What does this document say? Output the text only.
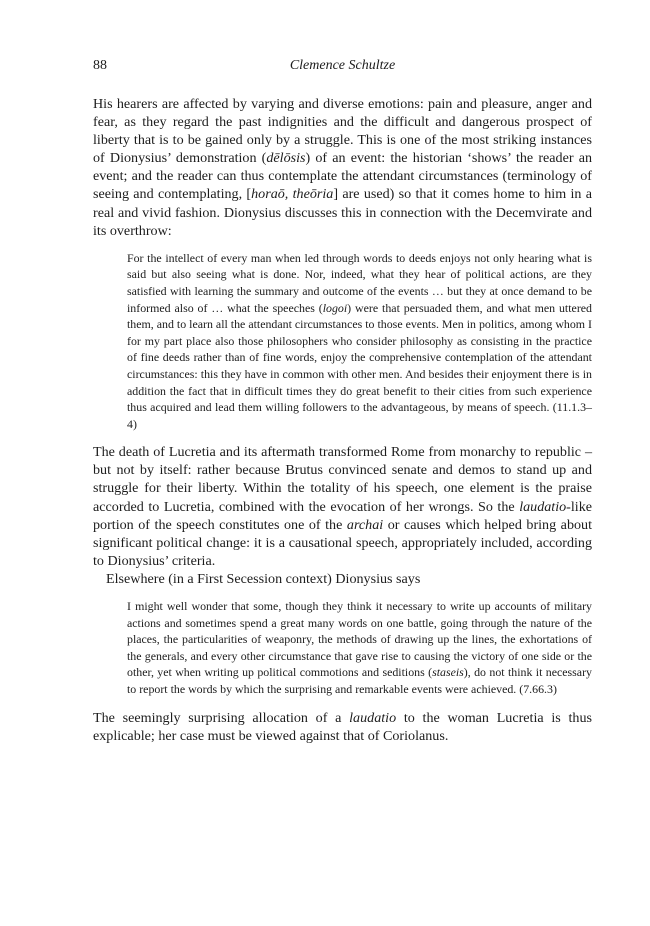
88	Clemence Schultze

His hearers are affected by varying and diverse emotions: pain and pleasure, anger and fear, as they regard the past indignities and the difficult and dangerous prospect of liberty that is to be gained only by a struggle. This is one of the most striking instances of Dionysius’ demonstration (dēlōsis) of an event: the historian ‘shows’ the reader an event; and the reader can thus contemplate the attendant circumstances (terminology of seeing and contemplating, [horaō, theōria] are used) so that it comes home to him in a real and vivid fashion. Dionysius discusses this in connection with the Decemvirate and its overthrow:

For the intellect of every man when led through words to deeds enjoys not only hearing what is said but also seeing what is done. Nor, indeed, what they hear of political actions, are they satisfied with learning the summary and outcome of the events … but they at once demand to be informed also of … what the speeches (logoi) were that persuaded them, and what men uttered them, and to learn all the attendant circumstances to those events. Men in politics, among whom I for my part place also those philosophers who consider philosophy as consisting in the practice of fine deeds rather than of fine words, enjoy the comprehensive contemplation of the attendant circumstances: this they have in common with other men. And besides their enjoyment there is in addition the fact that in difficult times they do great benefit to their cities from such experience thus acquired and lead them willing followers to the advantageous, by means of speech. (11.1.3–4)

The death of Lucretia and its aftermath transformed Rome from monarchy to republic – but not by itself: rather because Brutus convinced senate and demos to stand up and struggle for their liberty. Within the totality of his speech, one element is the praise accorded to Lucretia, combined with the evocation of her wrongs. So the laudatio-like portion of the speech constitutes one of the archai or causes which helped bring about significant political change: it is a causational speech, appropriately included, according to Dionysius’ criteria.

Elsewhere (in a First Secession context) Dionysius says

I might well wonder that some, though they think it necessary to write up accounts of military actions and sometimes spend a great many words on one battle, going through the nature of the places, the particularities of weaponry, the methods of drawing up the lines, the exhortations of the generals, and every other circumstance that gave rise to causing the victory of one side or the other, yet when writing up political commotions and seditions (staseis), do not think it necessary to report the words by which the surprising and remarkable events were achieved. (7.66.3)

The seemingly surprising allocation of a laudatio to the woman Lucretia is thus explicable; her case must be viewed against that of Coriolanus.
